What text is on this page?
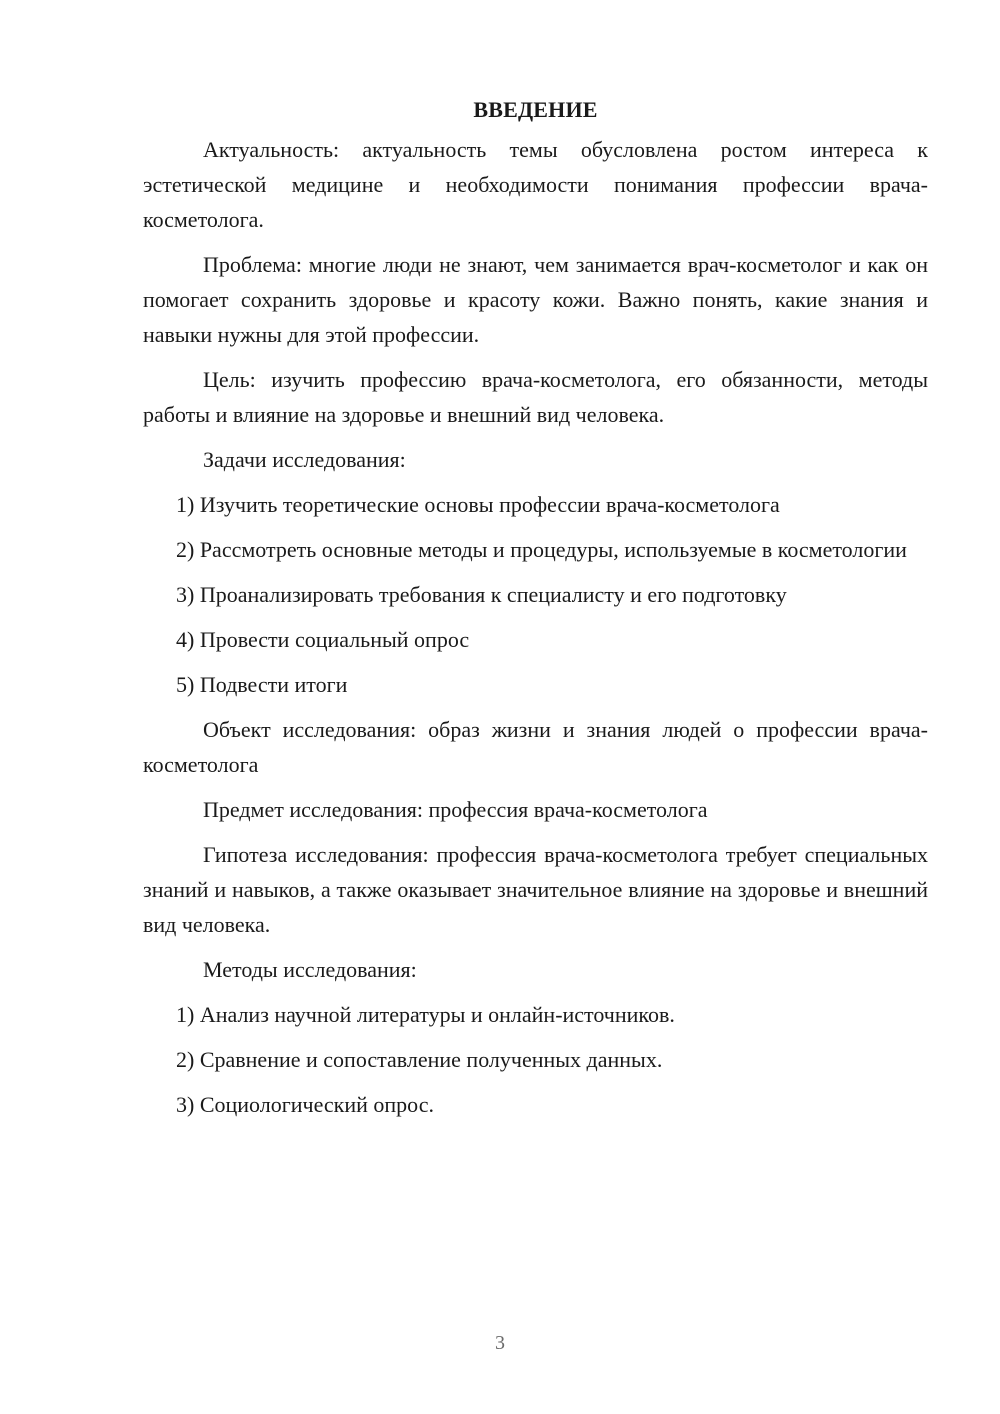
ВВЕДЕНИЕ

Актуальность: актуальность темы обусловлена ростом интереса к эстетической медицине и необходимости понимания профессии врача-косметолога.

Проблема: многие люди не знают, чем занимается врач-косметолог и как он помогает сохранить здоровье и красоту кожи. Важно понять, какие знания и навыки нужны для этой профессии.

Цель: изучить профессию врача-косметолога, его обязанности, методы работы и влияние на здоровье и внешний вид человека.

Задачи исследования:

1) Изучить теоретические основы профессии врача-косметолога

2) Рассмотреть основные методы и процедуры, используемые в косметологии

3) Проанализировать требования к специалисту и его подготовку

4) Провести социальный опрос

5) Подвести итоги

Объект исследования: образ жизни и знания людей о профессии врача-косметолога

Предмет исследования: профессия врача-косметолога

Гипотеза исследования: профессия врача-косметолога требует специальных знаний и навыков, а также оказывает значительное влияние на здоровье и внешний вид человека.

Методы исследования:

1) Анализ научной литературы и онлайн-источников.

2) Сравнение и сопоставление полученных данных.

3) Социологический опрос.

3
